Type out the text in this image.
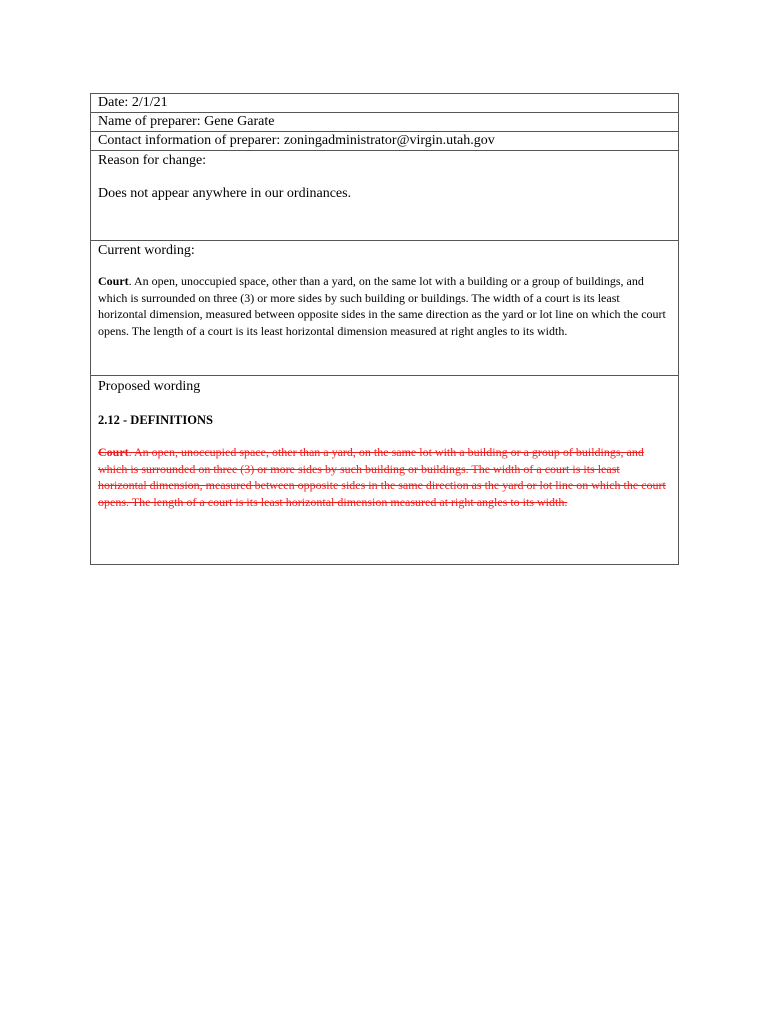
Date: 2/1/21
Name of preparer: Gene Garate
Contact information of preparer: zoningadministrator@virgin.utah.gov
Reason for change:
Does not appear anywhere in our ordinances.
Current wording:
Court. An open, unoccupied space, other than a yard, on the same lot with a building or a group of buildings, and which is surrounded on three (3) or more sides by such building or buildings. The width of a court is its least horizontal dimension, measured between opposite sides in the same direction as the yard or lot line on which the court opens. The length of a court is its least horizontal dimension measured at right angles to its width.
Proposed wording
2.12 - DEFINITIONS
Court. An open, unoccupied space, other than a yard, on the same lot with a building or a group of buildings, and which is surrounded on three (3) or more sides by such building or buildings. The width of a court is its least horizontal dimension, measured between opposite sides in the same direction as the yard or lot line on which the court opens. The length of a court is its least horizontal dimension measured at right angles to its width.
